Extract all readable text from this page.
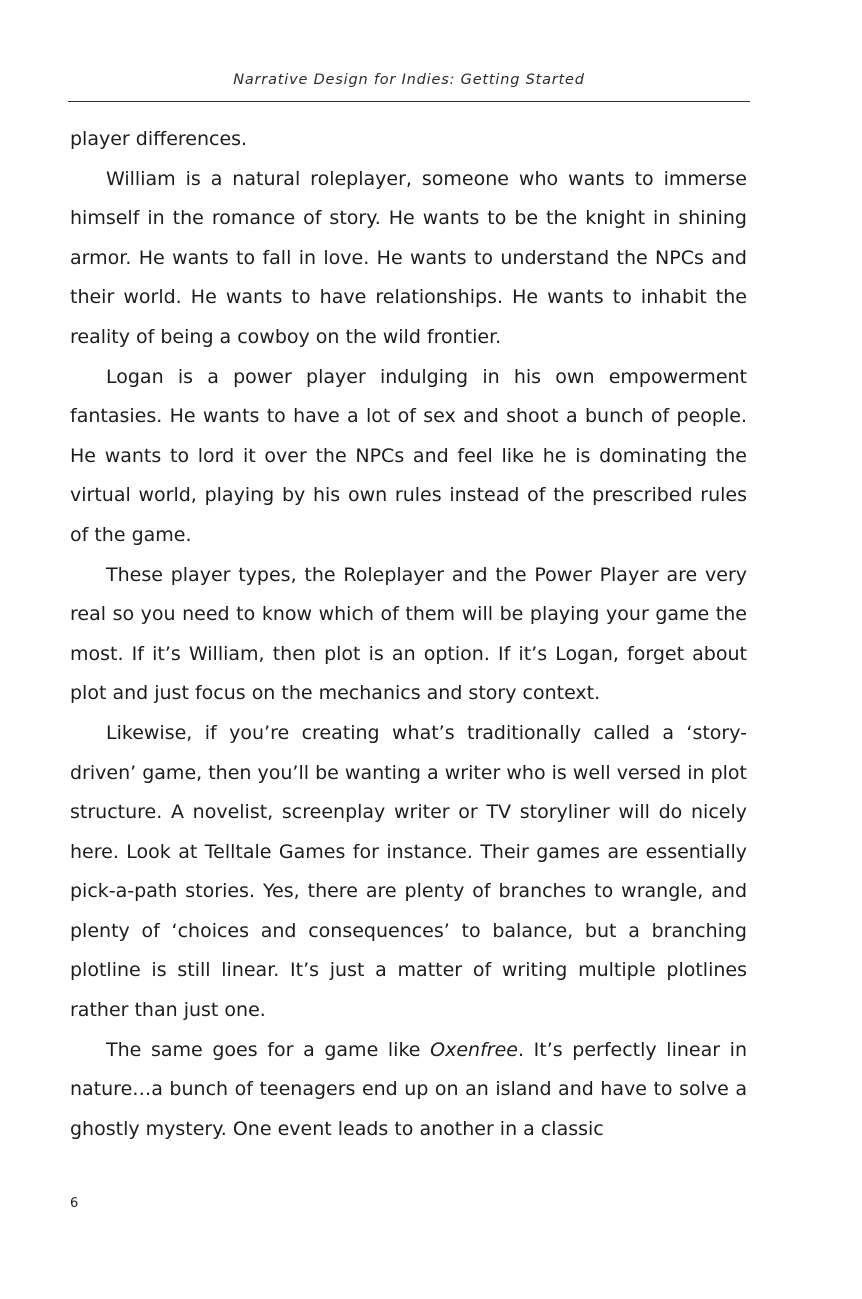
Narrative Design for Indies: Getting Started

player differences.

William is a natural roleplayer, someone who wants to immerse himself in the romance of story. He wants to be the knight in shining armor. He wants to fall in love. He wants to understand the NPCs and their world. He wants to have relationships. He wants to inhabit the reality of being a cowboy on the wild frontier.

Logan is a power player indulging in his own empowerment fantasies. He wants to have a lot of sex and shoot a bunch of people. He wants to lord it over the NPCs and feel like he is dominating the virtual world, playing by his own rules instead of the prescribed rules of the game.

These player types, the Roleplayer and the Power Player are very real so you need to know which of them will be playing your game the most. If it’s William, then plot is an option. If it’s Logan, forget about plot and just focus on the mechanics and story context.

Likewise, if you’re creating what’s traditionally called a ‘story-driven’ game, then you’ll be wanting a writer who is well versed in plot structure. A novelist, screenplay writer or TV storyliner will do nicely here. Look at Telltale Games for instance. Their games are essentially pick-a-path stories. Yes, there are plenty of branches to wrangle, and plenty of ‘choices and consequences’ to balance, but a branching plotline is still linear. It’s just a matter of writing multiple plotlines rather than just one.

The same goes for a game like Oxenfree. It’s perfectly linear in nature…a bunch of teenagers end up on an island and have to solve a ghostly mystery. One event leads to another in a classic

6
